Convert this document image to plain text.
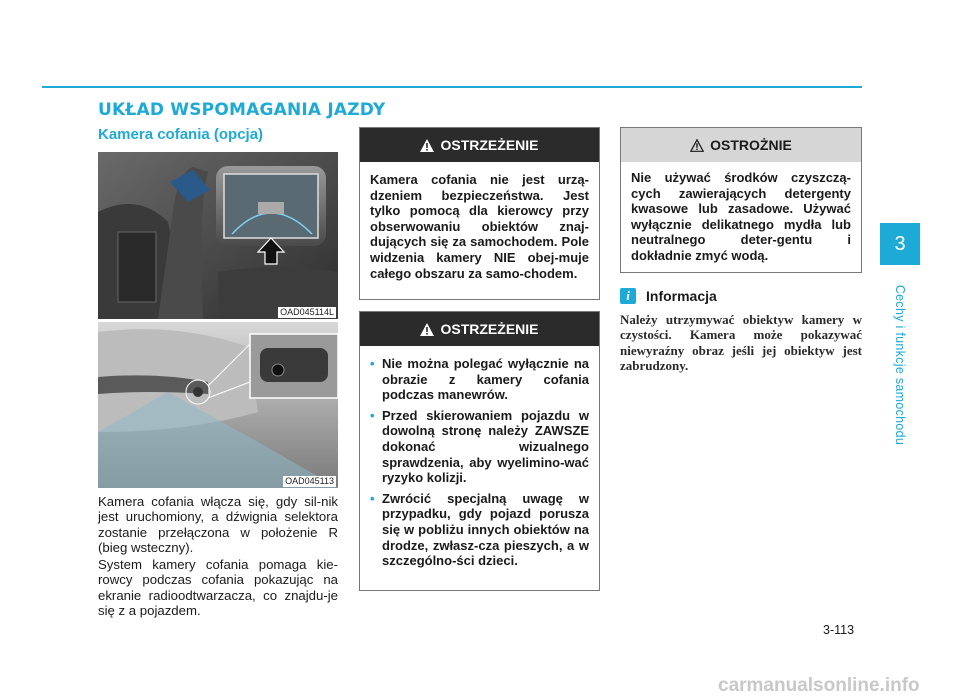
UKŁAD WSPOMAGANIA JAZDY
Kamera cofania (opcja)
OAD045114L
OAD045113

Kamera cofania włącza się, gdy sil-nik jest uruchomiony, a dźwignia selektora zostanie przełączona w położenie R (bieg wsteczny).

System kamery cofania pomaga kie-rowcy podczas cofania pokazując na ekranie radioodtwarzacza, co znajdu-je się z a pojazdem.

OSTRZEŻENIE
Kamera cofania nie jest urzą-dzeniem bezpieczeństwa. Jest tylko pomocą dla kierowcy przy obserwowaniu obiektów znaj-dujących się za samochodem. Pole widzenia kamery NIE obej-muje całego obszaru za samo-chodem.
OSTRZEŻENIE
• Nie można polegać wyłącznie na obrazie z kamery cofania podczas manewrów.
• Przed skierowaniem pojazdu w dowolną stronę należy ZAWSZE dokonać wizualnego sprawdzenia, aby wyelimino-wać ryzyko kolizji.
• Zwrócić specjalną uwagę w przypadku, gdy pojazd porusza się w pobliżu innych obiektów na drodze, zwłasz-cza pieszych, a w szczególno-ści dzieci.
OSTROŻNIE
Nie używać środków czyszczą-cych zawierających detergenty kwasowe lub zasadowe. Używać wyłącznie delikatnego mydła lub neutralnego deter-gentu i dokładnie zmyć wodą.
i	Informacja

Należy utrzymywać obiektyw kamery w czystości. Kamera może pokazywać niewyraźny obraz jeśli jej obiektyw jest zabrudzony.

3
Cechy i funkcje samochodu
3-113
carmanualsonline.info
